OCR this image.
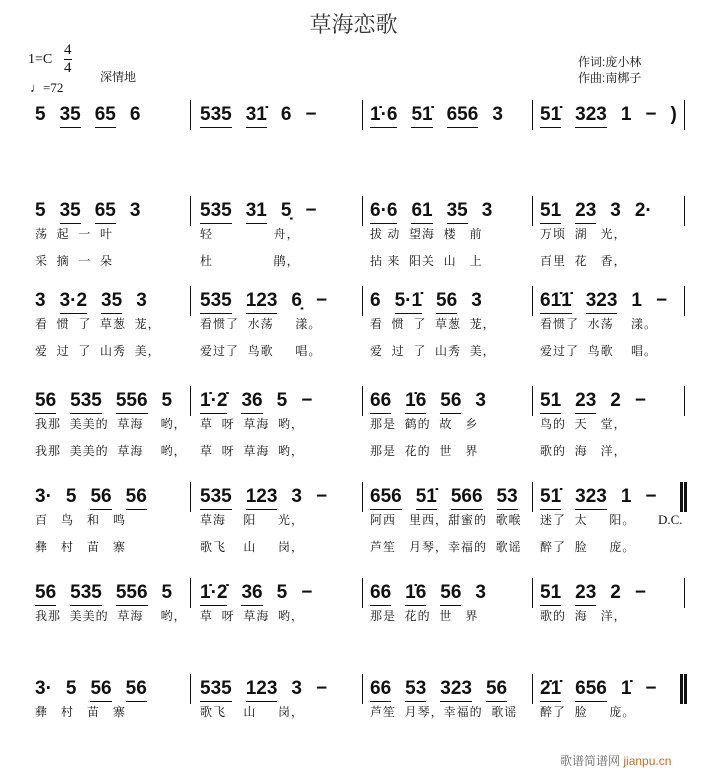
草海恋歌
1=C
4
4
♩=72
深情地
作词:庞小林
作曲:南梆子
5 35 65 6	535 31̇ 6 −	1̇·6 51̇ 656 3	51̇ 323 1 − )
5 35 65 3
荡  起  一  叶
采  摘  一  朵
535 31 5̣ −
轻              舟，
杜              鹃，
6·6 61 35 3
拔 动  望海  楼   前
拈 来  阳关  山   上
51 23 3 2·
万顷  湖   光，
百里  花   香，
3 3·2 35 3
看  惯  了  草葱  茏，
爱  过  了  山秀  美，
535 123 6̣ −
看惯了  水荡     漾。
爱过了  鸟歌     唱。
6 5·1̇ 56 3
看  惯  了  草葱  茏，
爱  过  了  山秀  美，
61̇1̇ 323 1 −
看惯了  水荡    漾。
爱过了  鸟歌    唱。
56 535 556 5
我那  美美的  草海    哟，
我那  美美的  草海    哟，
1̇·2̇ 36 5 −
草  呀  草海  哟，
草  呀  草海  哟，
66 1̇6 56 3
那是  鹤的  故   乡
那是  花的  世   界
51 23 2 −
鸟的  天   堂，
歌的  海   洋，
3· 5 56 56
百   鸟   和   鸣
彝   村   苗   寨
535 123 3 −
草海    阳     光，
歌飞    山     岗，
656 51̇ 566 53
阿西   里西，甜蜜的  歌喉
芦笙   月琴，幸福的  歌谣
51̇ 323 1 −
迷了  太     阳。
醉了  脸     庞。
D.C.
56 535 556 5
我那  美美的  草海    哟，
1̇·2̇ 36 5 −
草  呀  草海  哟，
66 1̇6 56 3
那是  花的  世   界
51 23 2 −
歌的  海   洋，
3· 5 56 56
彝   村   苗   寨
535 123 3 −
歌飞    山     岗，
66 53 323 56
芦笙  月琴，幸福的  歌谣
2̇1̇ 656 1̇ −
醉了  脸     庞。
歌谱简谱网 jianpu.cn
